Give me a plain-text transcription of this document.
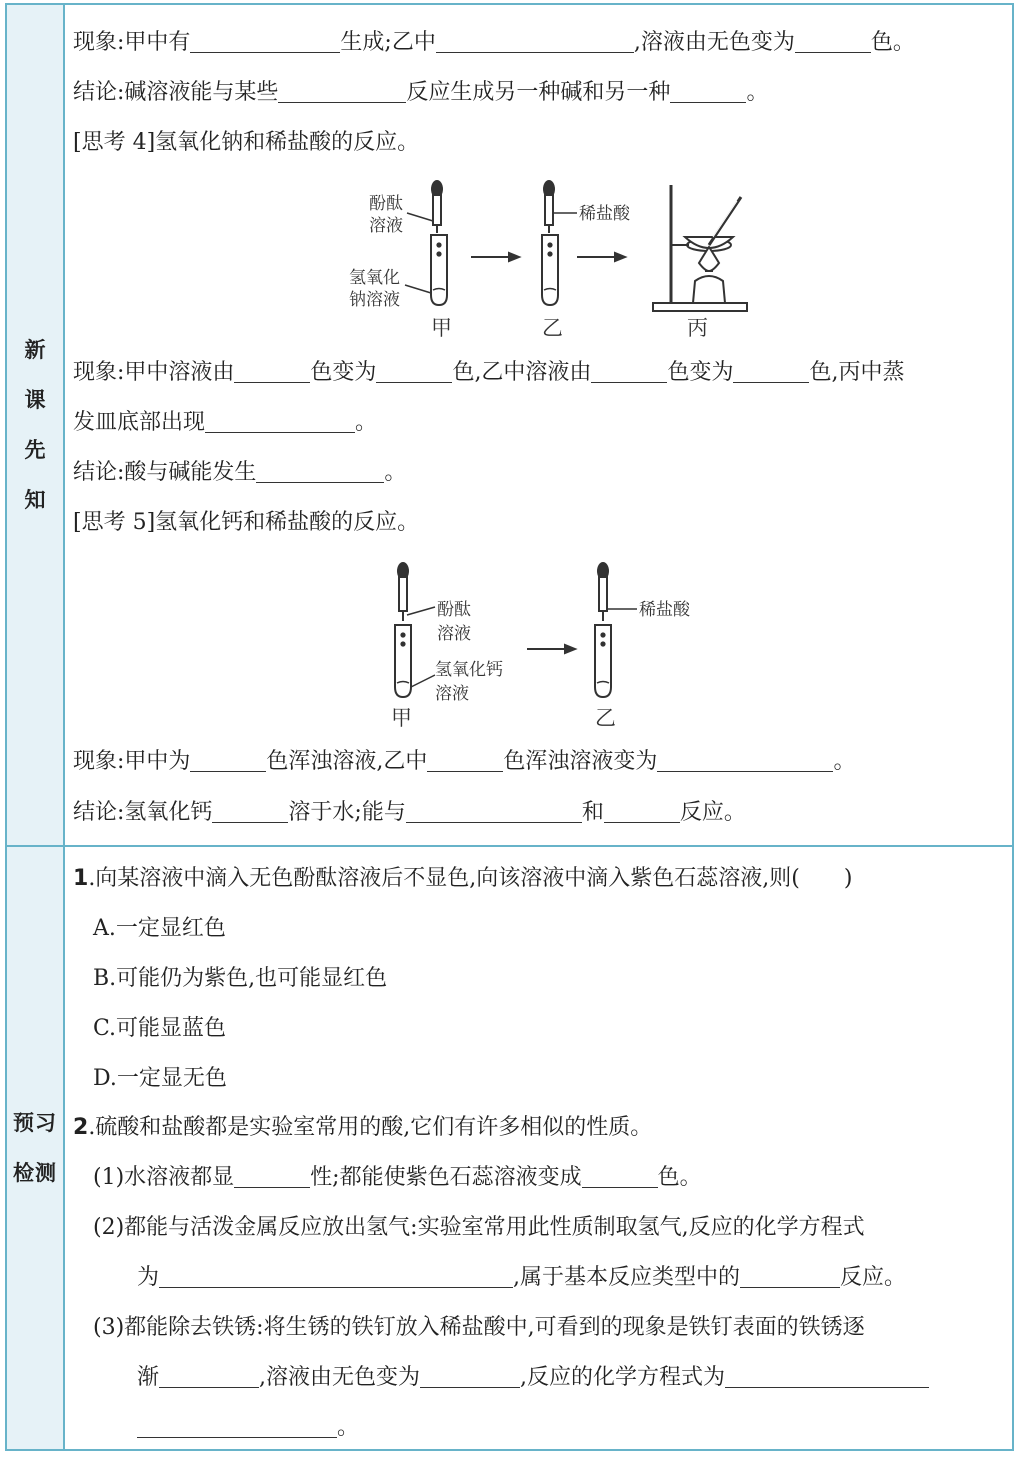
新
课
先
知
现象:甲中有	生成;乙中	,溶液由无色变为	色。
结论:碱溶液能与某些	反应生成另一种碱和另一种	。
[思考 4]氢氧化钠和稀盐酸的反应。
酚酞
溶液
氢氧化
钠溶液
稀盐酸
甲	乙	丙
现象:甲中溶液由	色变为	色,乙中溶液由	色变为	色,丙中蒸
发皿底部出现	。
结论:酸与碱能发生	。
[思考 5]氢氧化钙和稀盐酸的反应。
酚酞
溶液
氢氧化钙
溶液
稀盐酸
甲	乙
现象:甲中为	色浑浊溶液,乙中	色浑浊溶液变为	。
结论:氢氧化钙	溶于水;能与	和	反应。
预习
检测
1.向某溶液中滴入无色酚酞溶液后不显色,向该溶液中滴入紫色石蕊溶液,则( )
A.一定显红色
B.可能仍为紫色,也可能显红色
C.可能显蓝色
D.一定显无色
2.硫酸和盐酸都是实验室常用的酸,它们有许多相似的性质。
(1)水溶液都显	性;都能使紫色石蕊溶液变成	色。
(2)都能与活泼金属反应放出氢气:实验室常用此性质制取氢气,反应的化学方程式
为	,属于基本反应类型中的	反应。
(3)都能除去铁锈:将生锈的铁钉放入稀盐酸中,可看到的现象是铁钉表面的铁锈逐
渐	,溶液由无色变为	,反应的化学方程式为
。
